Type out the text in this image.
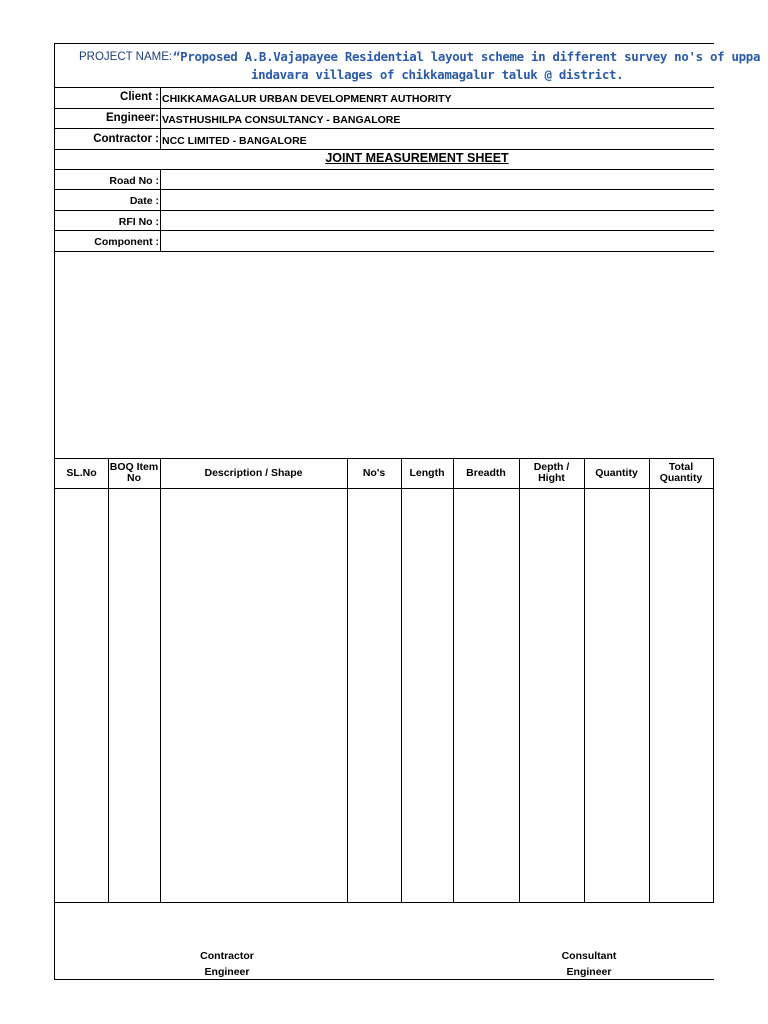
PROJECT NAME: “Proposed A.B.Vajapayee Residential layout scheme in different survey no's of uppa
indavara villages of chikkamagalur taluk @ district.
Client : CHIKKAMAGALUR URBAN DEVELOPMENRT AUTHORITY
Engineer: VASTHUSHILPA CONSULTANCY - BANGALORE
Contractor : NCC LIMITED - BANGALORE
JOINT MEASUREMENT SHEET
Road No :
Date :
RFI No :
Component :
SL.No	BOQ Item No	Description / Shape	No's	Length	Breadth	Depth / Hight	Quantity	Total Quantity
Contractor Engineer
Consultant Engineer
